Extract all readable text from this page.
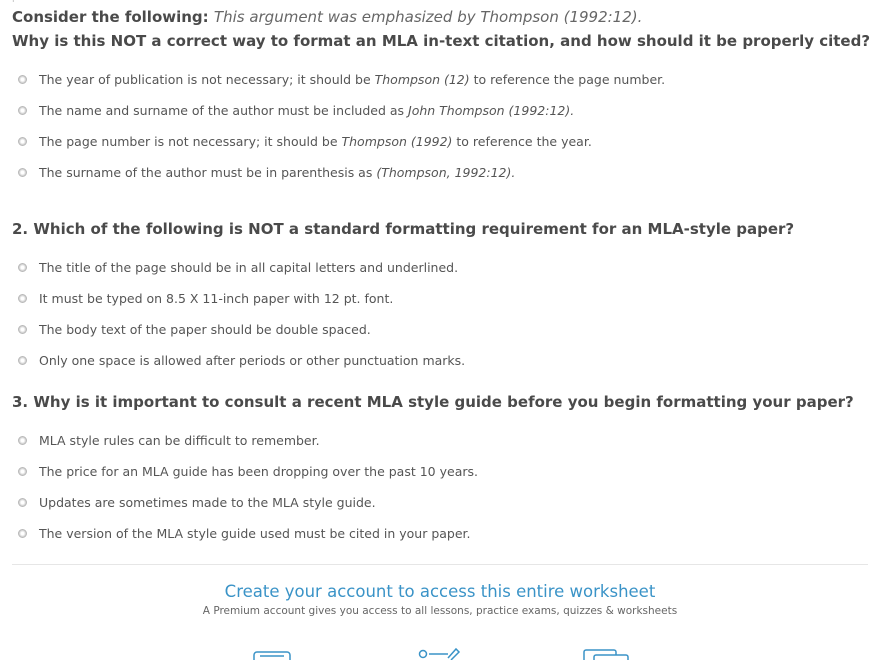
·
Consider the following: This argument was emphasized by Thompson (1992:12).
Why is this NOT a correct way to format an MLA in-text citation, and how should it be properly cited?
The year of publication is not necessary; it should be Thompson (12) to reference the page number.
The name and surname of the author must be included as John Thompson (1992:12).
The page number is not necessary; it should be Thompson (1992) to reference the year.
The surname of the author must be in parenthesis as (Thompson, 1992:12).
2. Which of the following is NOT a standard formatting requirement for an MLA-style paper?
The title of the page should be in all capital letters and underlined.
It must be typed on 8.5 X 11-inch paper with 12 pt. font.
The body text of the paper should be double spaced.
Only one space is allowed after periods or other punctuation marks.
3. Why is it important to consult a recent MLA style guide before you begin formatting your paper?
MLA style rules can be difficult to remember.
The price for an MLA guide has been dropping over the past 10 years.
Updates are sometimes made to the MLA style guide.
The version of the MLA style guide used must be cited in your paper.
Create your account to access this entire worksheet
A Premium account gives you access to all lessons, practice exams, quizzes & worksheets
